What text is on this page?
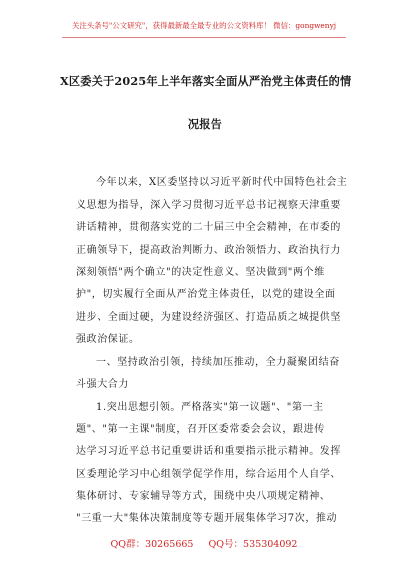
关注头条号"公文研究"，获得最新最全最专业的公文资料库！ 微信：gongwenyj
X区委关于2025年上半年落实全面从严治党主体责任的情
况报告
今年以来，X区委坚持以习近平新时代中国特色社会主
义思想为指导，深入学习贯彻习近平总书记视察天津重要
讲话精神，贯彻落实党的二十届三中全会精神，在市委的
正确领导下，提高政治判断力、政治领悟力、政治执行力
深刻领悟"两个确立"的决定性意义、坚决做到"两个维
护"，切实履行全面从严治党主体责任，以党的建设全面
进步、全面过硬，为建设经济强区、打造品质之城提供坚
强政治保证。
一、坚持政治引领，持续加压推动，全力凝聚团结奋
斗强大合力
1.突出思想引领。严格落实"第一议题"、"第一主
题"、"第一主课"制度，召开区委常委会会议，跟进传
达学习习近平总书记重要讲话和重要指示批示精神。发挥
区委理论学习中心组领学促学作用，综合运用个人自学、
集体研讨、专家辅导等方式，围绕中央八项规定精神、
"三重一大"集体决策制度等专题开展集体学习7次，推动
QQ群：30265665 QQ号：535304092
